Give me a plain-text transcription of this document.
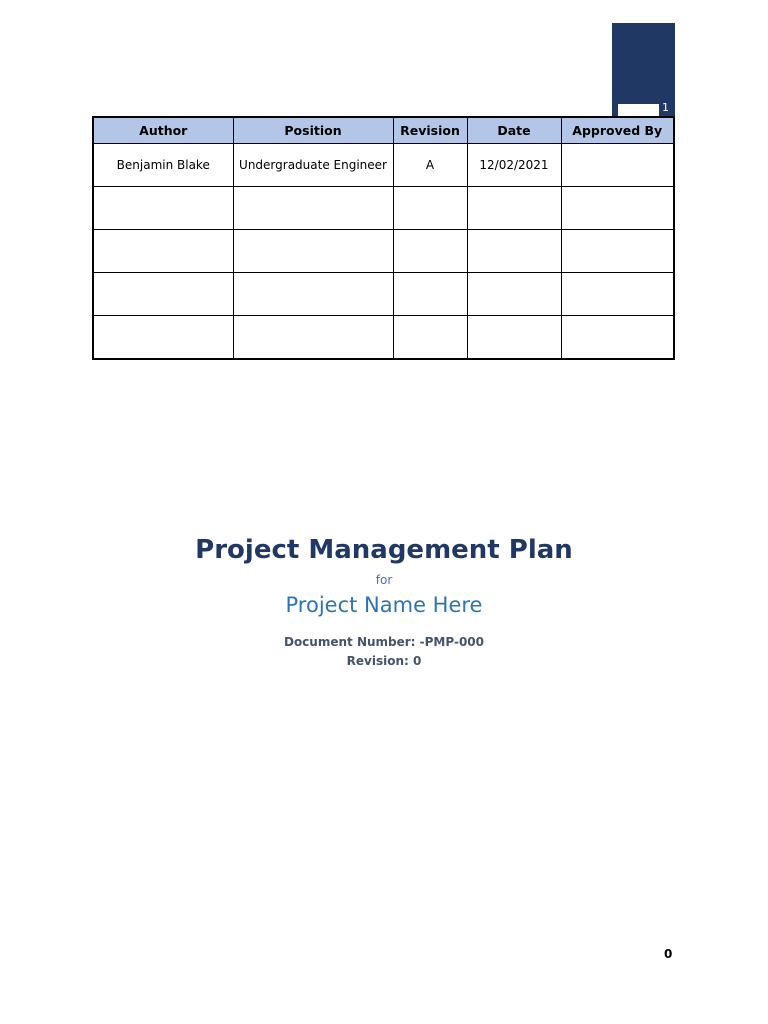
1
Author	Position	Revision	Date	Approved By
Benjamin Blake	Undergraduate Engineer	A	12/02/2021	

Project Management Plan
for
Project Name Here
Document Number: -PMP-000
Revision: 0
0
